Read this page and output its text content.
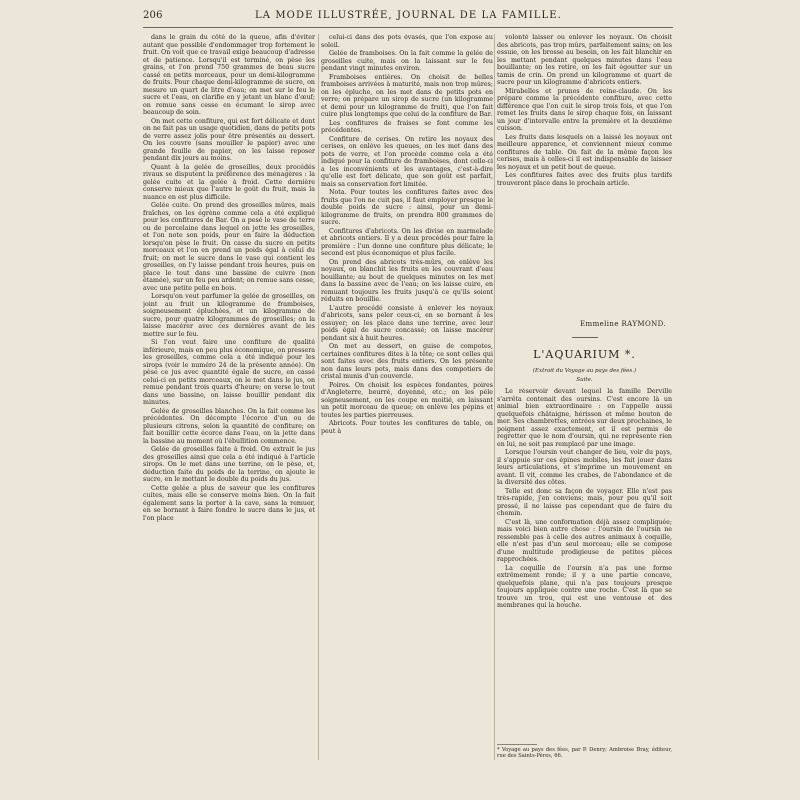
206	LA MODE ILLUSTRÉE, JOURNAL DE LA FAMILLE.

dans le grain du côté de la queue, afin d'éviter autant que possible d'endommager trop fortement le fruit. On voit que ce travail exige beaucoup d'adresse et de patience. Lorsqu'il est terminé, on pèse les grains, et l'on prend 750 grammes de beau sucre cassé en petits morceaux, pour un demi-kilogramme de fruits. Pour chaque demi-kilogramme de sucre, on mesure un quart de litre d'eau; on met sur le feu le sucre et l'eau, on clarifie en y jetant un blanc d'œuf; on remue sans cesse en écumant le sirop avec beaucoup de soin.

On met cette confiture, qui est fort délicate et dont on ne fait pas un usage quotidien, dans de petits pots de verre assez jolis pour être présentés au dessert. On les couvre (sans mouiller le papier) avec une grande feuille de papier, on les laisse reposer pendant dix jours au moins.

Quant à la gelée de groseilles, deux procédés rivaux se disputent la préférence des ménagères : la gelée cuite et la gelée à froid. Cette dernière conserve mieux que l'autre le goût du fruit, mais la nuance en est plus difficile.

Gelée cuite. On prend des groseilles mûres, mais fraîches, on les égrène comme cela a été expliqué pour les confitures de Bar. On a pesé le vase de terre ou de porcelaine dans lequel on jette les groseilles, et l'on note son poids, pour en faire la déduction lorsqu'on pèse le fruit. On casse du sucre en petits morceaux et l'on en prend un poids égal à celui du fruit; on met le sucre dans le vase qui contient les groseilles, on l'y laisse pendant trois heures, puis on place le tout dans une bassine de cuivre (non étamée), sur un feu peu ardent; on remue sans cesse, avec une petite pelle en bois.

Lorsqu'on veut parfumer la gelée de groseilles, on joint au fruit un kilogramme de framboises, soigneusement épluchées, et un kilogramme de sucre, pour quatre kilogrammes de groseilles; on la laisse macérer avec ces dernières avant de les mettre sur le feu.

Si l'on veut faire une confiture de qualité inférieure, mais en peu plus économique, on pressera les groseilles, comme cela a été indiqué pour les sirops (voir le numéro 24 de la présente année). On pèse ce jus avec quantité égale de sucre, en cassé celui-ci en petits morceaux, on le met dans le jus, on remue pendant trois quarts d'heure; on verse le tout dans une bassine, on laisse bouillir pendant dix minutes.

Gelée de groseilles blanches. On la fait comme les précédentes. On décompte l'écorce d'un ou de plusieurs citrons, selon la quantité de confiture; on fait bouillir cette écorce dans l'eau, on la jette dans la bassine au moment où l'ébullition commence.

Gelée de groseilles faite à froid. On extrait le jus des groseilles ainsi que cela a été indiqué à l'article sirops. On le met dans une terrine, on le pèse, et, déduction faite du poids de la terrine, on ajoute le sucre, en le mettant le double du poids du jus.

Cette gelée a plus de saveur que les confitures cuites, mais elle se conserve moins bien. On la fait également sans la porter à la cave, sans la remuer, en se bornant à faire fondre le sucre dans le jus, et l'on place

celui-ci dans des pots évasés, que l'on expose au soleil.

Gelée de framboises. On la fait comme la gelée de groseilles cuite, mais on la laissant sur le feu pendant vingt minutes environ.

Framboises entières. On choisit de belles framboises arrivées à maturité, mais non trop mûres; on les épluche, on les met dans de petits pots en verre; on prépare un sirop de sucre (un kilogramme et demi pour un kilogramme de fruit), que l'on fait cuire plus longtemps que celui de la confiture de Bar.

Les confitures de fraises se font comme les précédentes.

Confiture de cerises. On retire les noyaux des cerises, on enlève les queues, on les met dans des pots de verre, et l'on procède comme cela a été indiqué pour la confiture de framboises, dont celle-ci a les inconvénients et les avantages, c'est-à-dire qu'elle est fort délicate, que son goût est parfait, mais sa conservation fort limitée.

Nota. Pour toutes les confitures faites avec des fruits que l'on ne cuit pas, il faut employer presque le double poids de sucre : ainsi, pour un demi-kilogramme de fruits, on prendra 800 grammes de sucre.

Confitures d'abricots. On les divise en marmelade et abricots entiers. Il y a deux procédés pour faire la première : l'un donne une confiture plus délicate; le second est plus économique et plus facile.

On prend des abricots très-mûrs, on enlève les noyaux, on blanchit les fruits en les couvrant d'eau bouillante; au bout de quelques minutes on les met dans la bassine avec de l'eau; on les laisse cuire, en remuant toujours les fruits jusqu'à ce qu'ils soient réduits en bouillie.

L'autre procédé consiste à enlever les noyaux d'abricots, sans peler ceux-ci, en se bornant à les essuyer; on les place dans une terrine, avec leur poids égal de sucre concassé; on laisse macérer pendant six à huit heures.

On met au dessert, en guise de compotes, certaines confitures dites à la tête; ce sont celles qui sont faites avec des fruits entiers. On les présente non dans leurs pots, mais dans des compotiers de cristal munis d'un couvercle.

Poires. On choisit les espèces fondantes, poires d'Angleterre, beurré, doyenné, etc.; on les pèle soigneusement, on les coupe en moitié, en laissant un petit morceau de queue; on enlève les pépins et toutes les parties pierreuses.

Abricots. Pour toutes les confitures de table, on peut à

volonté laisser ou enlever les noyaux. On choisit des abricots, pas trop mûrs, parfaitement sains; on les essuie, on les brosse au besoin, on les fait blanchir en les mettant pendant quelques minutes dans l'eau bouillante; on les retire, on les fait égoutter sur un tamis de crin. On prend un kilogramme et quart de sucre pour un kilogramme d'abricots entiers.

Mirabelles et prunes de reine-claude. On les prépare comme la précédente confiture, avec cette différence que l'on cuit le sirop trois fois, et que l'on remet les fruits dans le sirop chaque fois, en laissant un jour d'intervalle entre la première et la deuxième cuisson.

Les fruits dans lesquels on a laissé les noyaux ont meilleure apparence, et conviennent mieux comme confitures de table. On fait de la même façon les cerises, mais à celles-ci il est indispensable de laisser les noyaux et un petit bout de queue.

Les confitures faites avec des fruits plus tardifs trouveront place dans le prochain article.

Emmeline RAYMOND.
L'AQUARIUM *.
(Extrait du Voyage au pays des fées.)
Suite.

Le réservoir devant lequel la famille Derville s'arrêta contenait des oursins. C'est encore là un animal bien extraordinaire : on l'appelle aussi quelquefois châtaigne, hérisson et même bouton de mer. Ses chambrettes, entrées sur deux prochaines, le poignent assez exactement, et il est permis de regretter que le nom d'oursin, qui ne représente rien en lui, ne soit pas remplacé par une image.

Lorsque l'oursin veut changer de lieu, voir du pays, il s'appuie sur ces épines mobiles, les fait jouer dans leurs articulations, et s'imprime un mouvement en avant. Il vit, comme les crabes, de l'abondance et de la diversité des côtes.

Telle est donc sa façon de voyager. Elle n'est pas très-rapide, j'en conviens; mais, pour peu qu'il soit pressé, il ne laisse pas cependant que de faire du chemin.

C'est là, une conformation déjà assez compliquée; mais voici bien autre chose : l'oursin de l'oursin ne ressemble pas à celle des autres animaux à coquille, elle n'est pas d'un seul morceau; elle se compose d'une multitude prodigieuse de petites pièces rapprochées.

La coquille de l'oursin n'a pas une forme extrêmement ronde; il y a une partie concave, quelquefois plane, qui n'a pas toujours presque toujours appliquée contre une roche. C'est là que se trouve un trou, qui est une ventouse et des membranes qui la bouche.

* Voyage au pays des fées, par P. Denry; Ambroise Bray, éditeur, rue des Saints-Pères, 66.
